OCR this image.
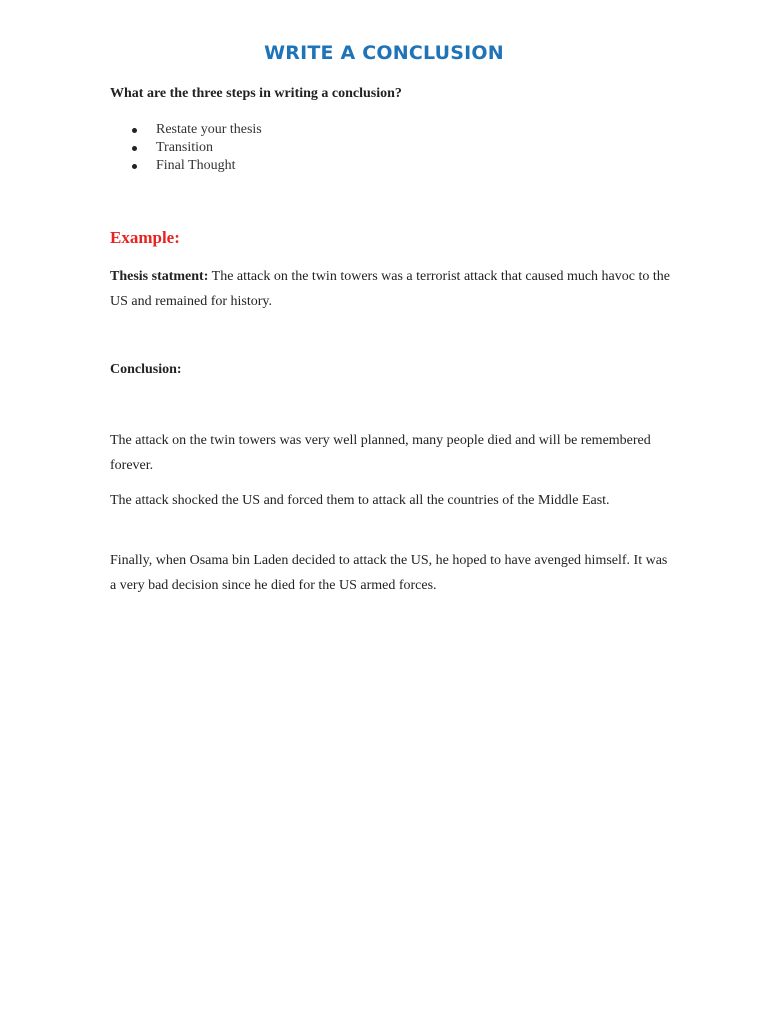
WRITE A CONCLUSION
What are the three steps in writing a conclusion?
Restate your thesis
Transition
Final Thought
Example:

Thesis statment: The attack on the twin towers was a terrorist attack that caused much havoc to the US and remained for history.

Conclusion:

The attack on the twin towers was very well planned, many people died and will be remembered forever.

The attack shocked the US and forced them to attack all the countries of the Middle East.

Finally, when Osama bin Laden decided to attack the US, he hoped to have avenged himself. It was a very bad decision since he died for the US armed forces.
